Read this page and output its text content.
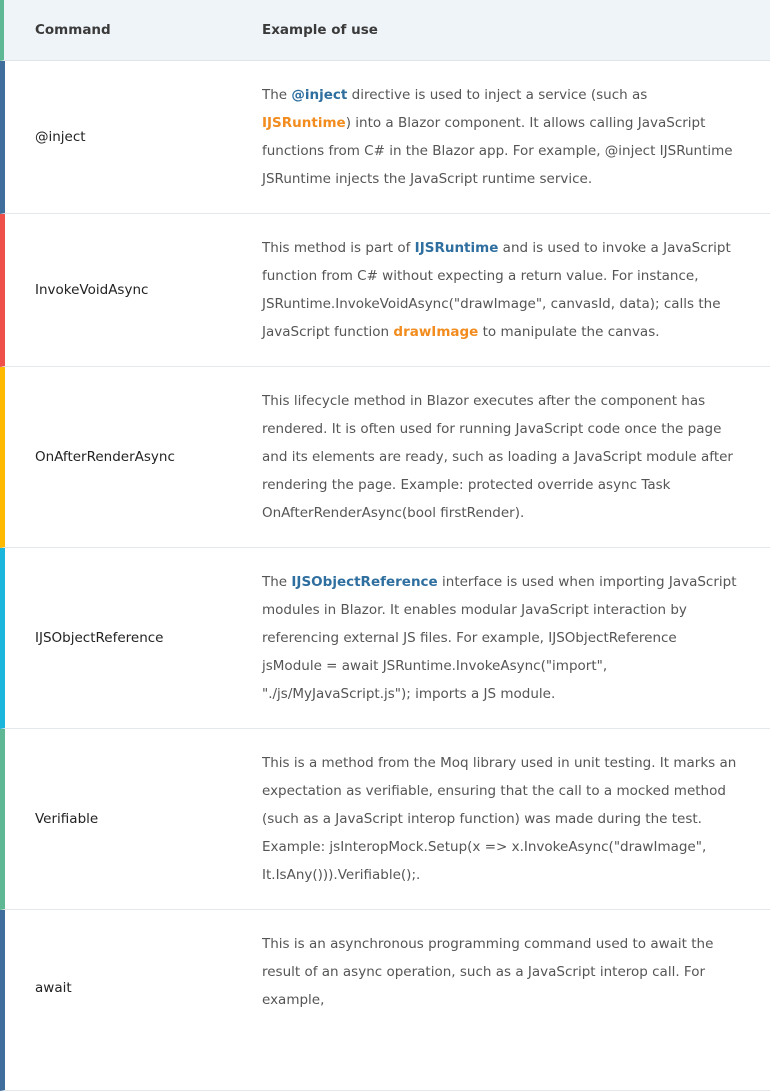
Command	Example of use
@inject
The @inject directive is used to inject a service (such as IJSRuntime) into a Blazor component. It allows calling JavaScript functions from C# in the Blazor app. For example, @inject IJSRuntime JSRuntime injects the JavaScript runtime service.
InvokeVoidAsync
This method is part of IJSRuntime and is used to invoke a JavaScript function from C# without expecting a return value. For instance, JSRuntime.InvokeVoidAsync("drawImage", canvasId, data); calls the JavaScript function drawImage to manipulate the canvas.
OnAfterRenderAsync
This lifecycle method in Blazor executes after the component has rendered. It is often used for running JavaScript code once the page and its elements are ready, such as loading a JavaScript module after rendering the page. Example: protected override async Task OnAfterRenderAsync(bool firstRender).
IJSObjectReference
The IJSObjectReference interface is used when importing JavaScript modules in Blazor. It enables modular JavaScript interaction by referencing external JS files. For example, IJSObjectReference jsModule = await JSRuntime.InvokeAsync("import", "./js/MyJavaScript.js"); imports a JS module.
Verifiable
This is a method from the Moq library used in unit testing. It marks an expectation as verifiable, ensuring that the call to a mocked method (such as a JavaScript interop function) was made during the test. Example: jsInteropMock.Setup(x => x.InvokeAsync("drawImage", It.IsAny())).Verifiable();.
await
This is an asynchronous programming command used to await the result of an async operation, such as a JavaScript interop call. For example,
